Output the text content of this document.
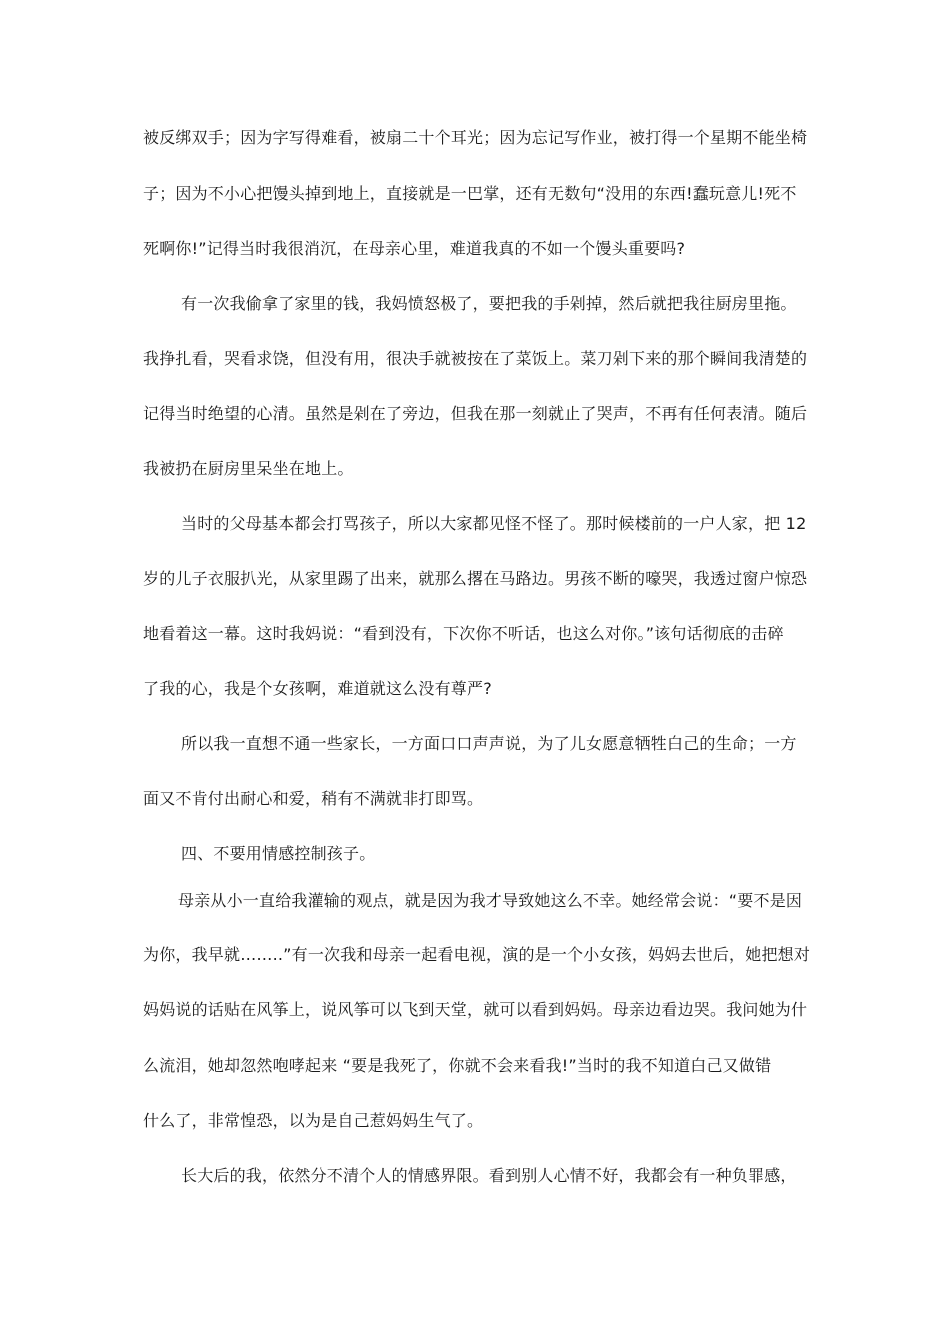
被反绑双手；因为字写得难看，被扇二十个耳光；因为忘记写作业，被打得一个星期不能坐椅
子；因为不小心把馒头掉到地上，直接就是一巴掌，还有无数句“没用的东西!蠢玩意儿!死不
死啊你!”记得当时我很消沉，在母亲心里，难道我真的不如一个馒头重要吗?
有一次我偷拿了家里的钱，我妈愤怒极了，要把我的手剁掉，然后就把我往厨房里拖。
我挣扎看，哭看求饶，但没有用，很决手就被按在了菜饭上。菜刀剁下来的那个瞬间我清楚的
记得当时绝望的心清。虽然是剁在了旁边，但我在那一刻就止了哭声，不再有任何表清。随后
我被扔在厨房里呆坐在地上。
当时的父母基本都会打骂孩子，所以大家都见怪不怪了。那时候楼前的一户人家，把 12
岁的儿子衣服扒光，从家里踢了出来，就那么撂在马路边。男孩不断的嚎哭，我透过窗户惊恐
地看着这一幕。这时我妈说：“看到没有，下次你不听话，也这么对你。”该句话彻底的击碎
了我的心，我是个女孩啊，难道就这么没有尊严?
所以我一直想不通一些家长，一方面口口声声说，为了儿女愿意牺牲白己的生命；一方
面又不肯付出耐心和爱，稍有不满就非打即骂。
四、不要用情感控制孩子。
母亲从小一直给我灌输的观点，就是因为我才导致她这么不幸。她经常会说：“要不是因
为你，我早就……..”有一次我和母亲一起看电视，演的是一个小女孩，妈妈去世后，她把想对
妈妈说的话贴在风筝上，说风筝可以飞到天堂，就可以看到妈妈。母亲边看边哭。我问她为什
么流泪，她却忽然咆哮起来 “要是我死了，你就不会来看我!”当时的我不知道白己又做错
什么了，非常惶恐，以为是自己惹妈妈生气了。
长大后的我，依然分不清个人的情感界限。看到别人心情不好，我都会有一种负罪感，
